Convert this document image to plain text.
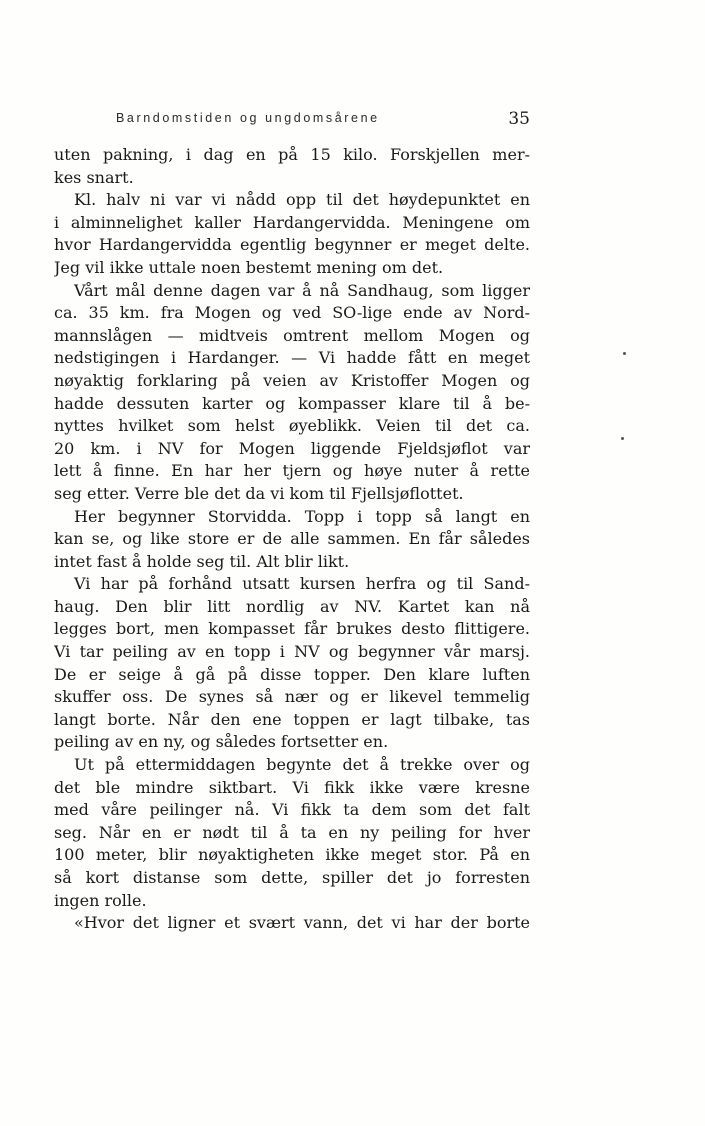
Barndomstiden og ungdomsårene	35
uten pakning, i dag en på 15 kilo. Forskjellen mer-
kes snart.
Kl. halv ni var vi nådd opp til det høydepunktet en
i alminnelighet kaller Hardangervidda. Meningene om
hvor Hardangervidda egentlig begynner er meget delte.
Jeg vil ikke uttale noen bestemt mening om det.
Vårt mål denne dagen var å nå Sandhaug, som ligger
ca. 35 km. fra Mogen og ved SO-lige ende av Nord-
mannslågen — midtveis omtrent mellom Mogen og
nedstigingen i Hardanger. — Vi hadde fått en meget
nøyaktig forklaring på veien av Kristoffer Mogen og
hadde dessuten karter og kompasser klare til å be-
nyttes hvilket som helst øyeblikk. Veien til det ca.
20 km. i NV for Mogen liggende Fjeldsjøflot var
lett å finne. En har her tjern og høye nuter å rette
seg etter. Verre ble det da vi kom til Fjellsjøflottet.
Her begynner Storvidda. Topp i topp så langt en
kan se, og like store er de alle sammen. En får således
intet fast å holde seg til. Alt blir likt.
Vi har på forhånd utsatt kursen herfra og til Sand-
haug. Den blir litt nordlig av NV. Kartet kan nå
legges bort, men kompasset får brukes desto flittigere.
Vi tar peiling av en topp i NV og begynner vår marsj.
De er seige å gå på disse topper. Den klare luften
skuffer oss. De synes så nær og er likevel temmelig
langt borte. Når den ene toppen er lagt tilbake, tas
peiling av en ny, og således fortsetter en.
Ut på ettermiddagen begynte det å trekke over og
det ble mindre siktbart. Vi fikk ikke være kresne
med våre peilinger nå. Vi fikk ta dem som det falt
seg. Når en er nødt til å ta en ny peiling for hver
100 meter, blir nøyaktigheten ikke meget stor. På en
så kort distanse som dette, spiller det jo forresten
ingen rolle.
«Hvor det ligner et svært vann, det vi har der borte
